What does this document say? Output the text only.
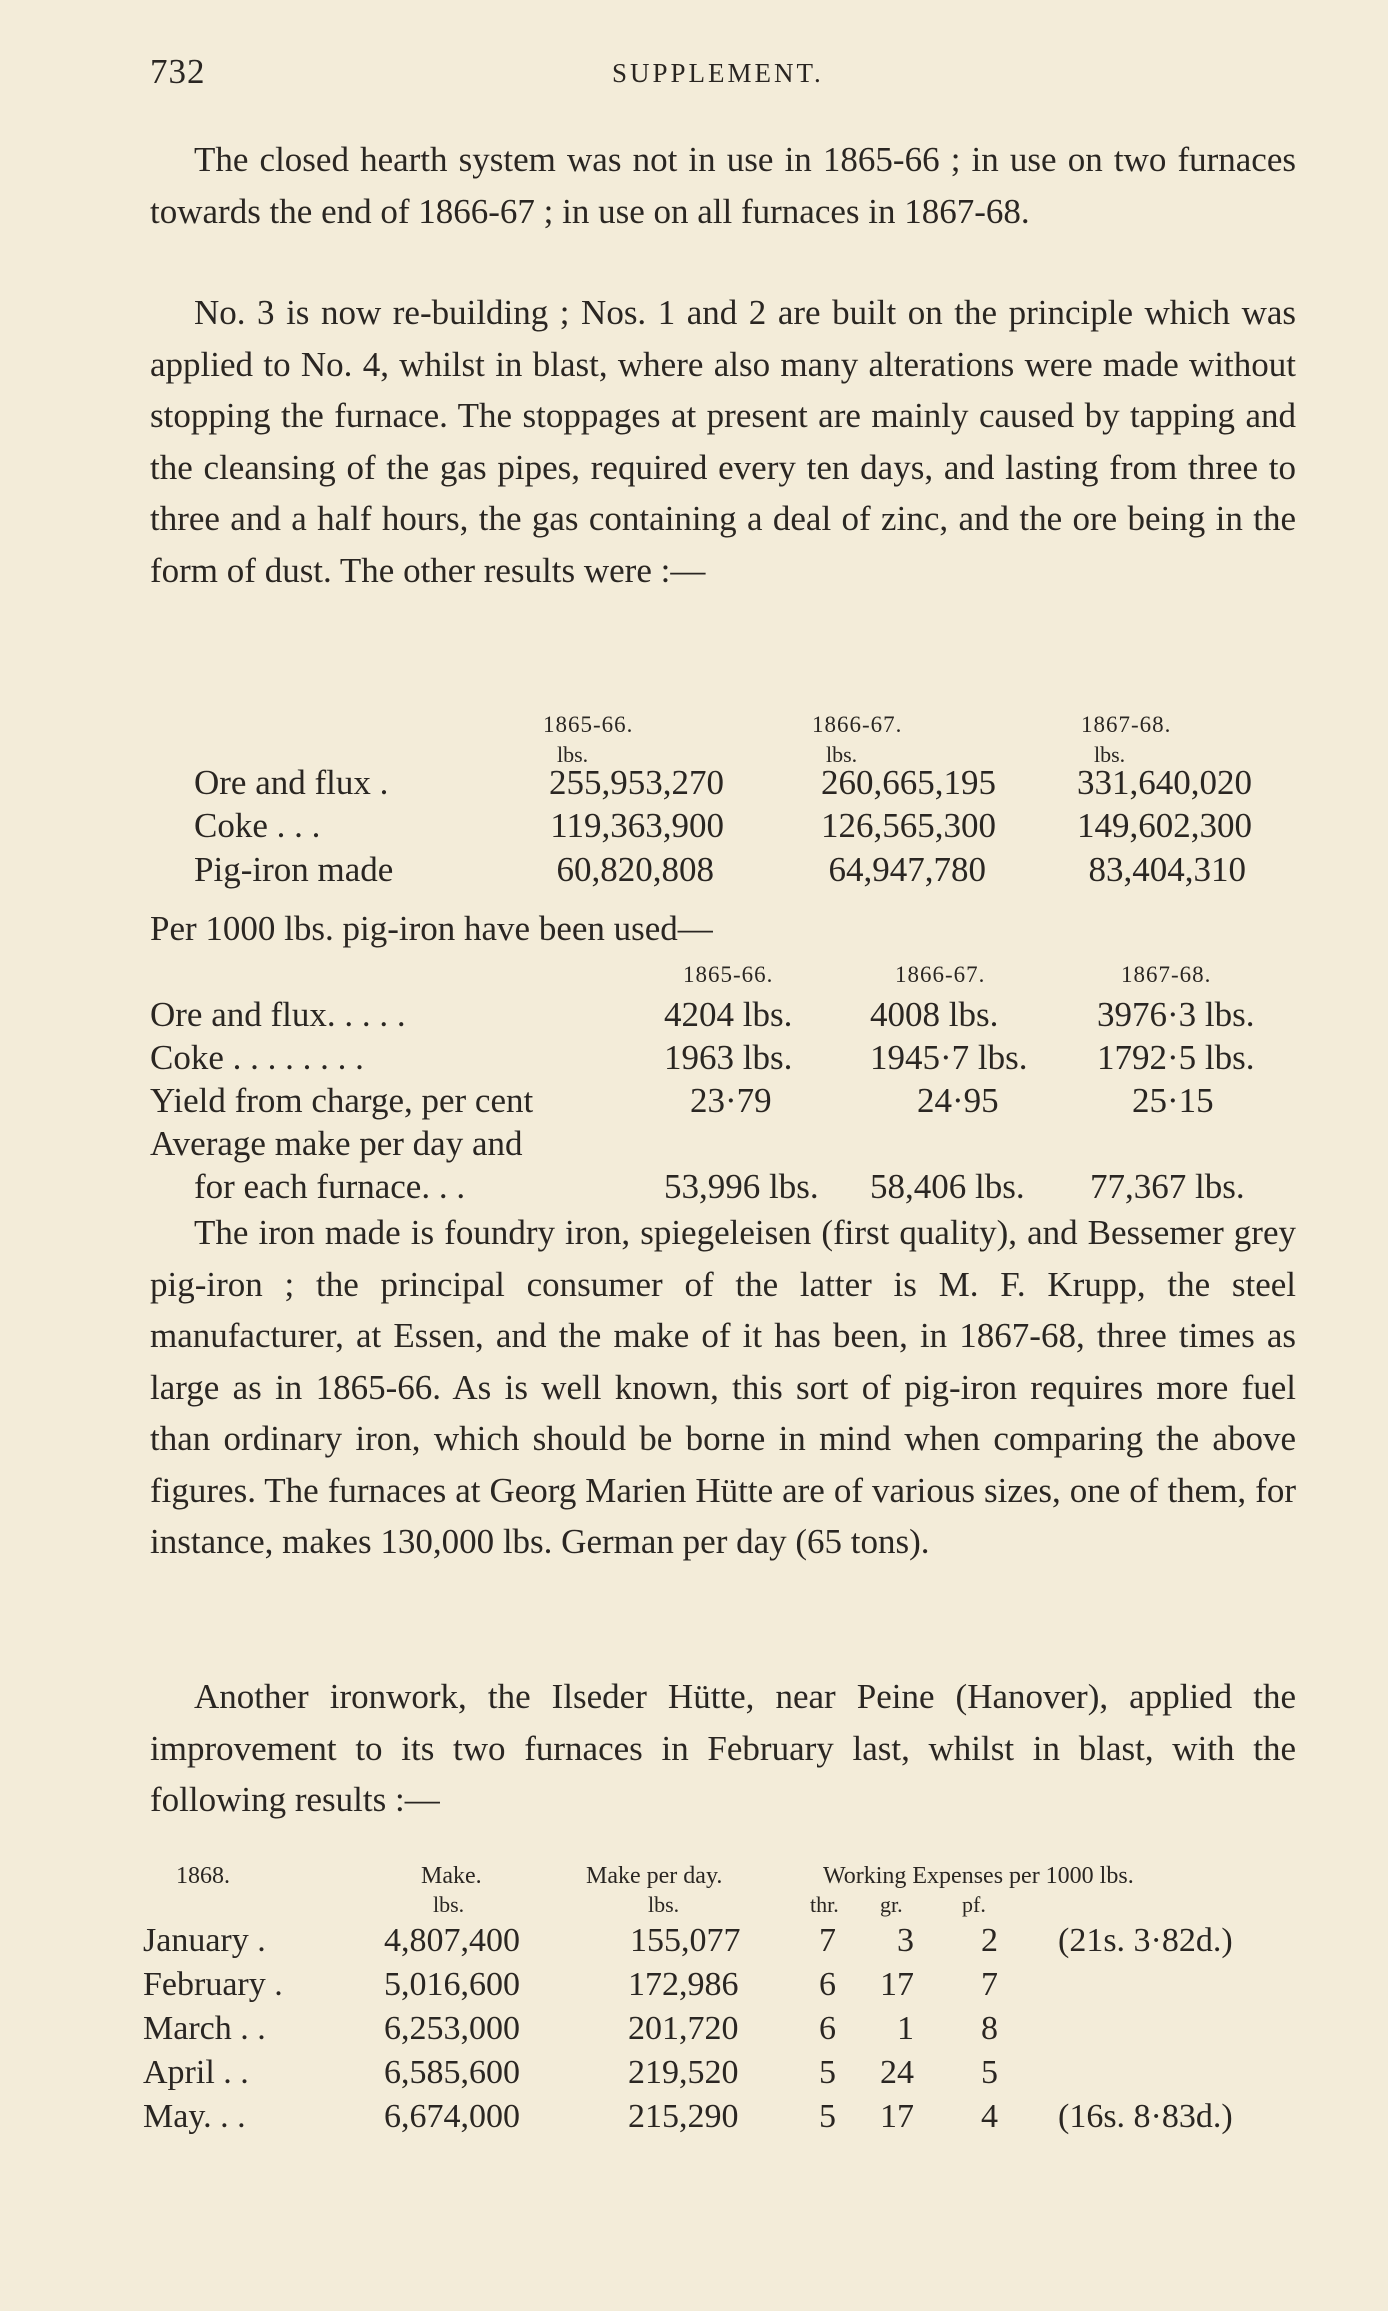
732	SUPPLEMENT.

The closed hearth system was not in use in 1865-66 ; in use on two furnaces towards the end of 1866-67 ; in use on all furnaces in 1867-68.

No. 3 is now re-building ; Nos. 1 and 2 are built on the principle which was applied to No. 4, whilst in blast, where also many alterations were made without stopping the furnace. The stoppages at present are mainly caused by tapping and the cleansing of the gas pipes, required every ten days, and lasting from three to three and a half hours, the gas containing a deal of zinc, and the ore being in the form of dust. The other results were :—

1865-66.	1866-67.	1867-68.
lbs.	lbs.	lbs.
Ore and flux .	255,953,270	260,665,195	331,640,020
Coke . . .	119,363,900	126,565,300	149,602,300
Pig-iron made	60,820,808	64,947,780	83,404,310
Per 1000 lbs. pig-iron have been used—
1865-66.	1866-67.	1867-68.
Ore and flux. . . . .	4204 lbs. 4008 lbs.	3976·3 lbs.
Coke . . . . . . . .	1963 lbs. 1945·7 lbs. 1792·5 lbs.
Yield from charge, per cent	23·79	24·95	25·15
Average make per day and
for each furnace. . .	53,996 lbs. 58,406 lbs. 77,367 lbs.

The iron made is foundry iron, spiegeleisen (first quality), and Bessemer grey pig-iron ; the principal consumer of the latter is M. F. Krupp, the steel manufacturer, at Essen, and the make of it has been, in 1867-68, three times as large as in 1865-66. As is well known, this sort of pig-iron requires more fuel than ordinary iron, which should be borne in mind when comparing the above figures. The furnaces at Georg Marien Hütte are of various sizes, one of them, for instance, makes 130,000 lbs. German per day (65 tons).

Another ironwork, the Ilseder Hütte, near Peine (Hanover), applied the improvement to its two furnaces in February last, whilst in blast, with the following results :—

1868.	Make.	Make per day.	Working Expenses per 1000 lbs.
lbs.	lbs.	thr. gr.	pf.
January .	4,807,400	155,077	7	3	2 (21s. 3·82d.)
February .	5,016,600	172,986	6	17	7
March . .	6,253,000	201,720	6	1	8
April . .	6,585,600	219,520	5	24	5
May. . .	6,674,000	215,290	5	17	4 (16s. 8·83d.)
